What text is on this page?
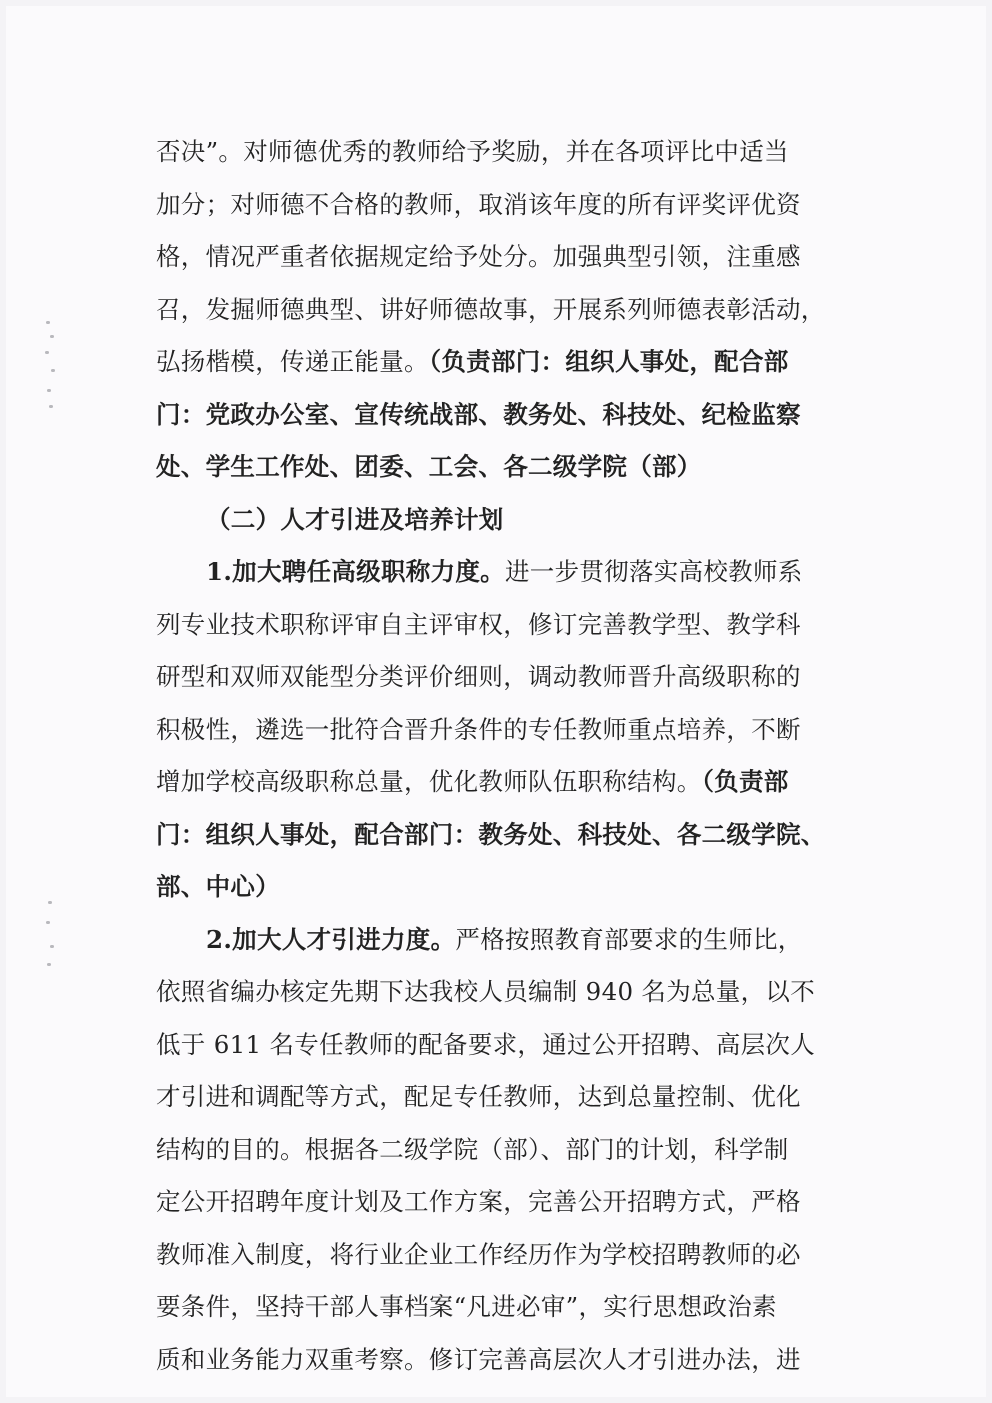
否决”。对师德优秀的教师给予奖励，并在各项评比中适当
加分；对师德不合格的教师，取消该年度的所有评奖评优资
格，情况严重者依据规定给予处分。加强典型引领，注重感
召，发掘师德典型、讲好师德故事，开展系列师德表彰活动，
弘扬楷模，传递正能量。（负责部门：组织人事处，配合部
门：党政办公室、宣传统战部、教务处、科技处、纪检监察
处、学生工作处、团委、工会、各二级学院（部）
（二）人才引进及培养计划
1.加大聘任高级职称力度。进一步贯彻落实高校教师系
列专业技术职称评审自主评审权，修订完善教学型、教学科
研型和双师双能型分类评价细则，调动教师晋升高级职称的
积极性，遴选一批符合晋升条件的专任教师重点培养，不断
增加学校高级职称总量，优化教师队伍职称结构。（负责部
门：组织人事处，配合部门：教务处、科技处、各二级学院、
部、中心）
2.加大人才引进力度。严格按照教育部要求的生师比，
依照省编办核定先期下达我校人员编制 940 名为总量，以不
低于 611 名专任教师的配备要求，通过公开招聘、高层次人
才引进和调配等方式，配足专任教师，达到总量控制、优化
结构的目的。根据各二级学院（部）、部门的计划，科学制
定公开招聘年度计划及工作方案，完善公开招聘方式，严格
教师准入制度，将行业企业工作经历作为学校招聘教师的必
要条件，坚持干部人事档案“凡进必审”，实行思想政治素
质和业务能力双重考察。修订完善高层次人才引进办法，进
